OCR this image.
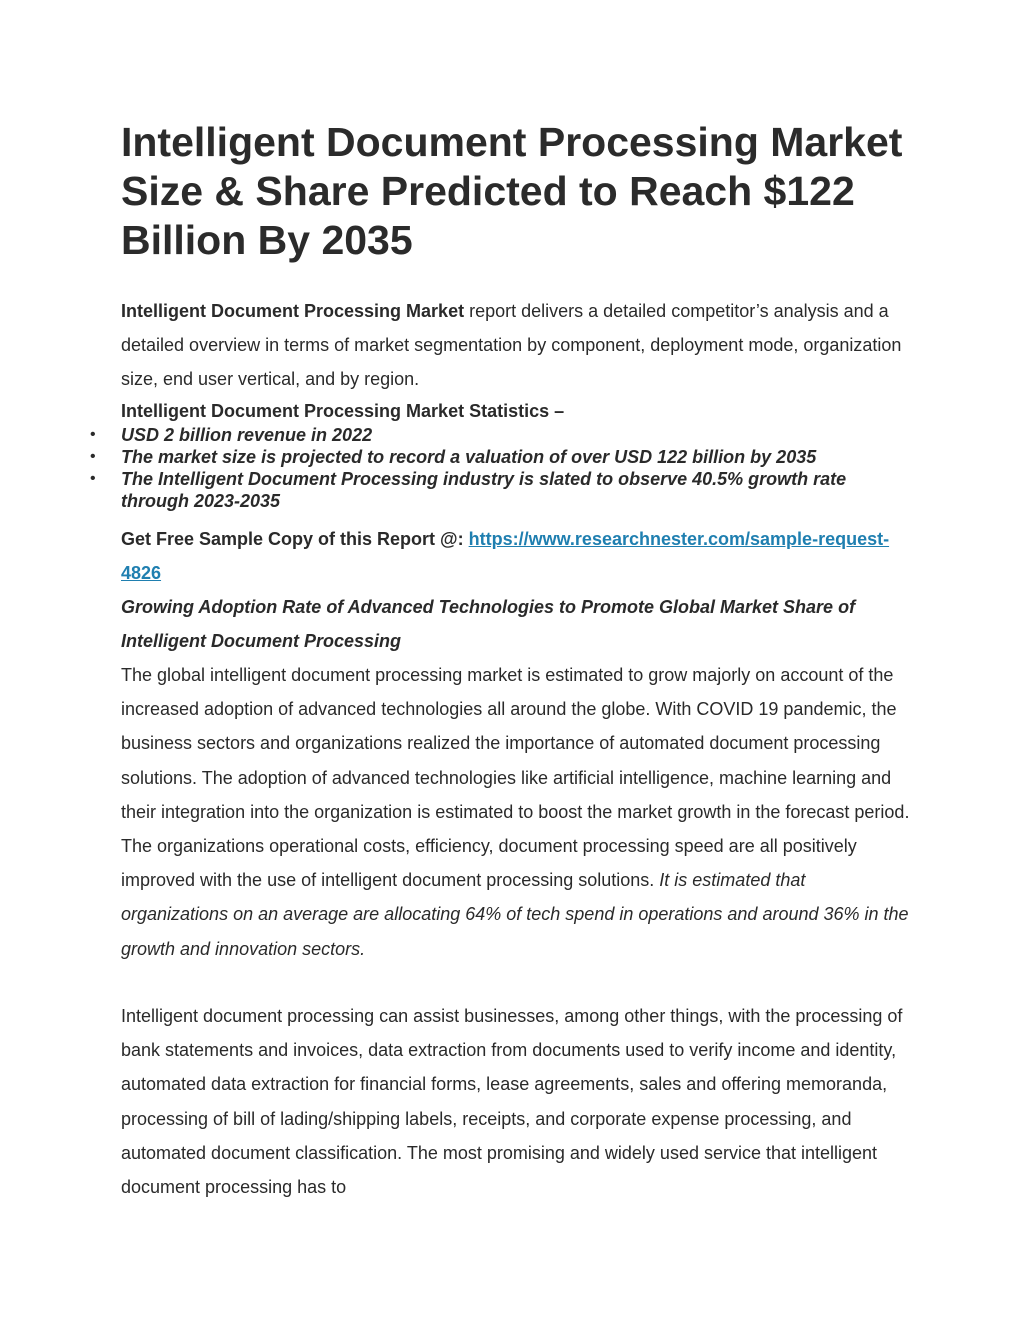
Intelligent Document Processing Market Size & Share Predicted to Reach $122 Billion By 2035

Intelligent Document Processing Market report delivers a detailed competitor’s analysis and a detailed overview in terms of market segmentation by component, deployment mode, organization size, end user vertical, and by region.

Intelligent Document Processing Market Statistics –

• USD 2 billion revenue in 2022
• The market size is projected to record a valuation of over USD 122 billion by 2035
• The Intelligent Document Processing industry is slated to observe 40.5% growth rate through 2023-2035

Get Free Sample Copy of this Report @: https://www.researchnester.com/sample-request-4826

Growing Adoption Rate of Advanced Technologies to Promote Global Market Share of Intelligent Document Processing

The global intelligent document processing market is estimated to grow majorly on account of the increased adoption of advanced technologies all around the globe. With COVID 19 pandemic, the business sectors and organizations realized the importance of automated document processing solutions. The adoption of advanced technologies like artificial intelligence, machine learning and their integration into the organization is estimated to boost the market growth in the forecast period. The organizations operational costs, efficiency, document processing speed are all positively improved with the use of intelligent document processing solutions. It is estimated that organizations on an average are allocating 64% of tech spend in operations and around 36% in the growth and innovation sectors.

Intelligent document processing can assist businesses, among other things, with the processing of bank statements and invoices, data extraction from documents used to verify income and identity, automated data extraction for financial forms, lease agreements, sales and offering memoranda, processing of bill of lading/shipping labels, receipts, and corporate expense processing, and automated document classification. The most promising and widely used service that intelligent document processing has to
